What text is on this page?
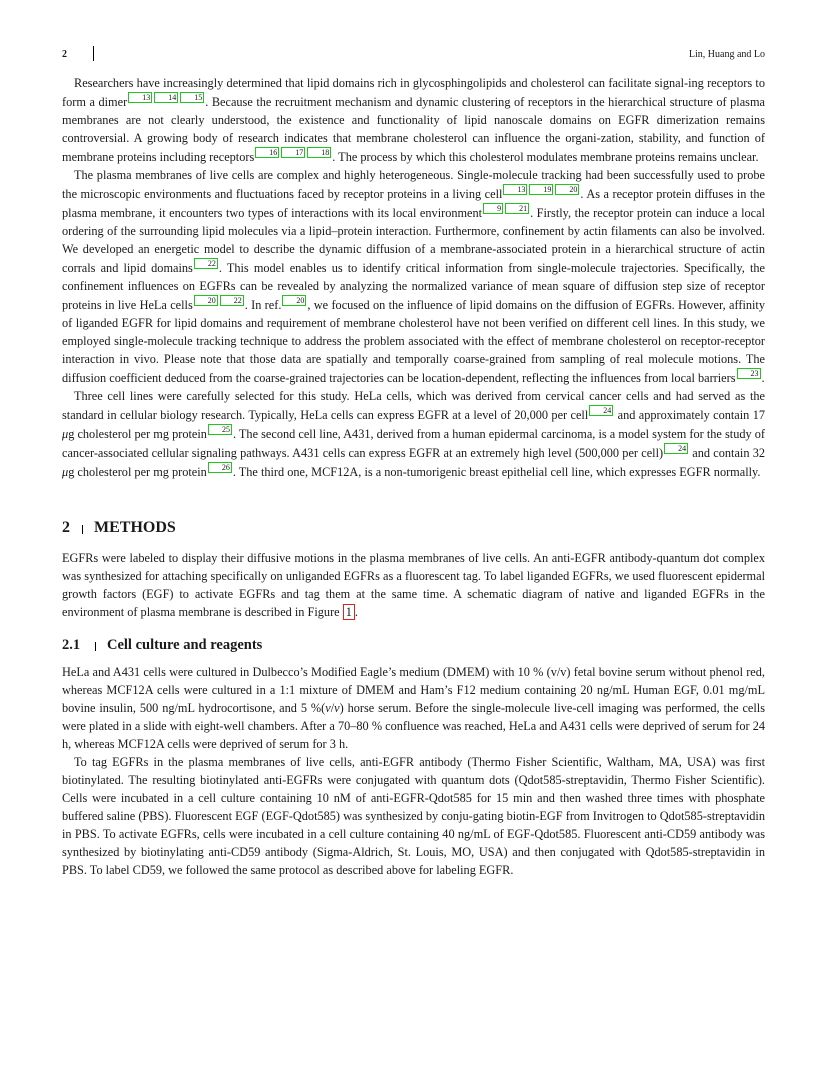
2	Lin, Huang and Lo

Researchers have increasingly determined that lipid domains rich in glycosphingolipids and cholesterol can facilitate signal-ing receptors to form a dimer 13 14 15 . Because the recruitment mechanism and dynamic clustering of receptors in the hierarchical structure of plasma membranes are not clearly understood, the existence and functionality of lipid nanoscale domains on EGFR dimerization remains controversial. A growing body of research indicates that membrane cholesterol can influence the organi-zation, stability, and function of membrane proteins including receptors 16 17 18 . The process by which this cholesterol modulates membrane proteins remains unclear.

The plasma membranes of live cells are complex and highly heterogeneous. Single-molecule tracking had been successfully used to probe the microscopic environments and fluctuations faced by receptor proteins in a living cell 13 19 20 . As a receptor protein diffuses in the plasma membrane, it encounters two types of interactions with its local environment 9 21 . Firstly, the receptor protein can induce a local ordering of the surrounding lipid molecules via a lipid–protein interaction. Furthermore, confinement by actin filaments can also be involved. We developed an energetic model to describe the dynamic diffusion of a membrane-associated protein in a hierarchical structure of actin corrals and lipid domains 22 . This model enables us to identify critical information from single-molecule trajectories. Specifically, the confinement influences on EGFRs can be revealed by analyzing the normalized variance of mean square of diffusion step size of receptor proteins in live HeLa cells 20 22 . In ref. 20 , we focused on the influence of lipid domains on the diffusion of EGFRs. However, affinity of liganded EGFR for lipid domains and requirement of membrane cholesterol have not been verified on different cell lines. In this study, we employed single-molecule tracking technique to address the problem associated with the effect of membrane cholesterol on receptor-receptor interaction in vivo. Please note that those data are spatially and temporally coarse-grained from sampling of real molecule motions. The diffusion coefficient deduced from the coarse-grained trajectories can be location-dependent, reflecting the influences from local barriers 23 .

Three cell lines were carefully selected for this study. HeLa cells, which was derived from cervical cancer cells and had served as the standard in cellular biology research. Typically, HeLa cells can express EGFR at a level of 20,000 per cell 24 and approximately contain 17 μg cholesterol per mg protein 25 . The second cell line, A431, derived from a human epidermal carcinoma, is a model system for the study of cancer-associated cellular signaling pathways. A431 cells can express EGFR at an extremely high level (500,000 per cell) 24 and contain 32 μg cholesterol per mg protein 26 . The third one, MCF12A, is a non-tumorigenic breast epithelial cell line, which expresses EGFR normally.

2 METHODS

EGFRs were labeled to display their diffusive motions in the plasma membranes of live cells. An anti-EGFR antibody-quantum dot complex was synthesized for attaching specifically on unliganded EGFRs as a fluorescent tag. To label liganded EGFRs, we used fluorescent epidermal growth factors (EGF) to activate EGFRs and tag them at the same time. A schematic diagram of native and liganded EGFRs in the environment of plasma membrane is described in Figure 1 .

2.1 Cell culture and reagents

HeLa and A431 cells were cultured in Dulbecco’s Modified Eagle’s medium (DMEM) with 10 % (v/v) fetal bovine serum without phenol red, whereas MCF12A cells were cultured in a 1:1 mixture of DMEM and Ham’s F12 medium containing 20 ng/mL Human EGF, 0.01 mg/mL bovine insulin, 500 ng/mL hydrocortisone, and 5 %(v/v) horse serum. Before the single-molecule live-cell imaging was performed, the cells were plated in a slide with eight-well chambers. After a 70–80 % confluence was reached, HeLa and A431 cells were deprived of serum for 24 h, whereas MCF12A cells were deprived of serum for 3 h.

To tag EGFRs in the plasma membranes of live cells, anti-EGFR antibody (Thermo Fisher Scientific, Waltham, MA, USA) was first biotinylated. The resulting biotinylated anti-EGFRs were conjugated with quantum dots (Qdot585-streptavidin, Thermo Fisher Scientific). Cells were incubated in a cell culture containing 10 nM of anti-EGFR-Qdot585 for 15 min and then washed three times with phosphate buffered saline (PBS). Fluorescent EGF (EGF-Qdot585) was synthesized by conju-gating biotin-EGF from Invitrogen to Qdot585-streptavidin in PBS. To activate EGFRs, cells were incubated in a cell culture containing 40 ng/mL of EGF-Qdot585. Fluorescent anti-CD59 antibody was synthesized by biotinylating anti-CD59 antibody (Sigma-Aldrich, St. Louis, MO, USA) and then conjugated with Qdot585-streptavidin in PBS. To label CD59, we followed the same protocol as described above for labeling EGFR.
